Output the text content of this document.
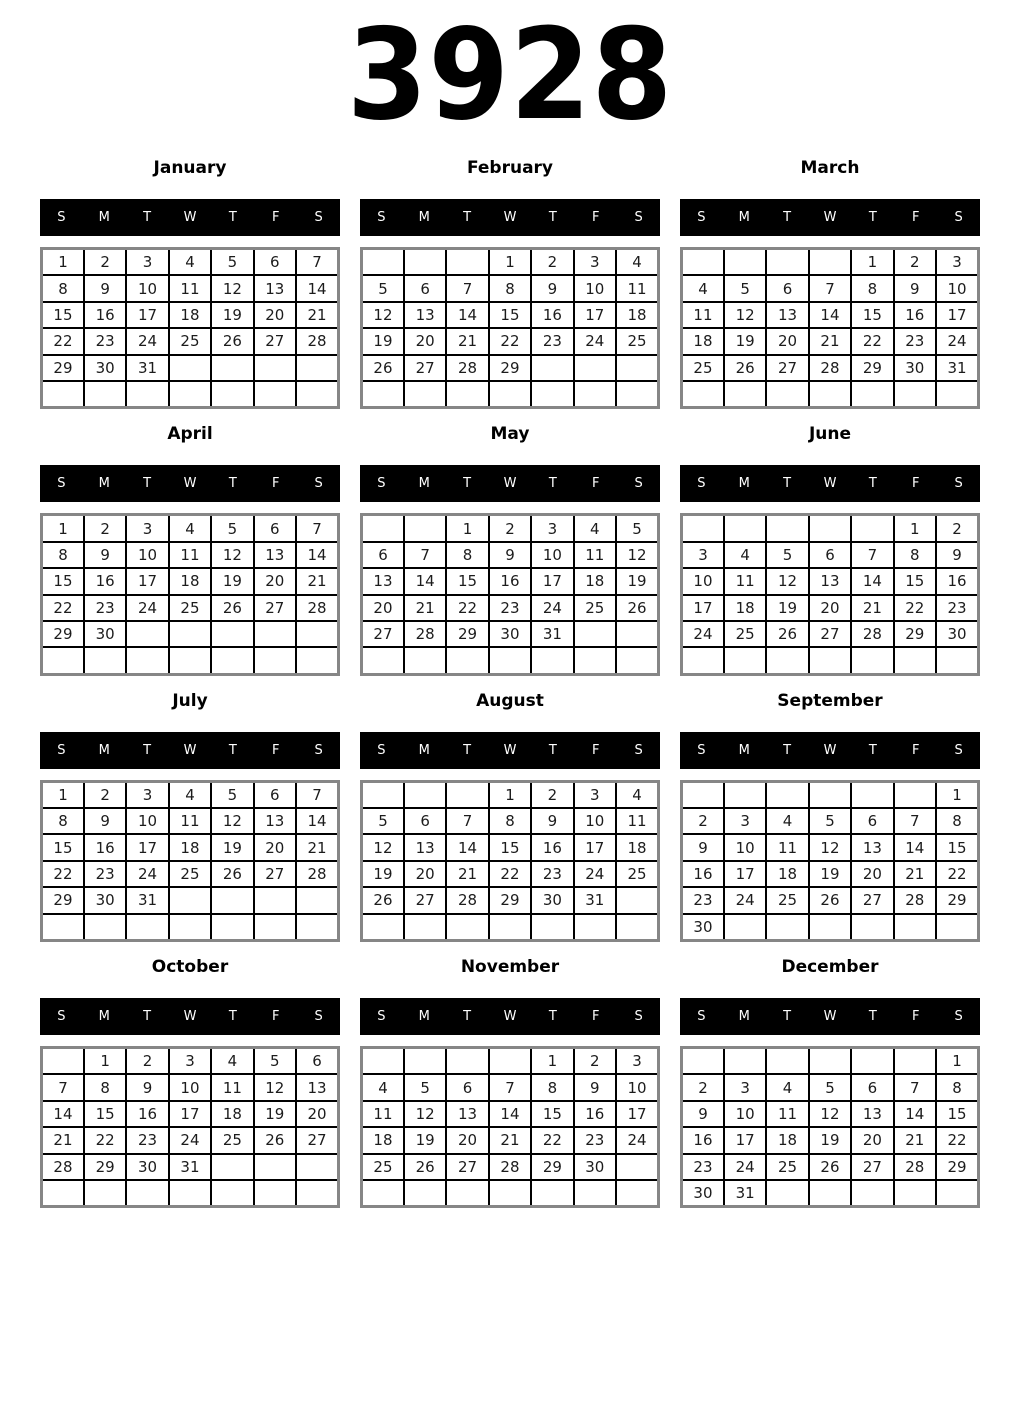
3928
January
S	M	T	W	T	F	S
1	2	3	4	5	6	7
8	9	10	11	12	13	14
15	16	17	18	19	20	21
22	23	24	25	26	27	28
29	30	31				

February
S	M	T	W	T	F	S
			1	2	3	4
5	6	7	8	9	10	11
12	13	14	15	16	17	18
19	20	21	22	23	24	25
26	27	28	29			

March
S	M	T	W	T	F	S
				1	2	3
4	5	6	7	8	9	10
11	12	13	14	15	16	17
18	19	20	21	22	23	24
25	26	27	28	29	30	31

April
S	M	T	W	T	F	S
1	2	3	4	5	6	7
8	9	10	11	12	13	14
15	16	17	18	19	20	21
22	23	24	25	26	27	28
29	30					

May
S	M	T	W	T	F	S
		1	2	3	4	5
6	7	8	9	10	11	12
13	14	15	16	17	18	19
20	21	22	23	24	25	26
27	28	29	30	31		

June
S	M	T	W	T	F	S
					1	2
3	4	5	6	7	8	9
10	11	12	13	14	15	16
17	18	19	20	21	22	23
24	25	26	27	28	29	30

July
S	M	T	W	T	F	S
1	2	3	4	5	6	7
8	9	10	11	12	13	14
15	16	17	18	19	20	21
22	23	24	25	26	27	28
29	30	31				

August
S	M	T	W	T	F	S
			1	2	3	4
5	6	7	8	9	10	11
12	13	14	15	16	17	18
19	20	21	22	23	24	25
26	27	28	29	30	31	

September
S	M	T	W	T	F	S
						1
2	3	4	5	6	7	8
9	10	11	12	13	14	15
16	17	18	19	20	21	22
23	24	25	26	27	28	29
30						
October
S	M	T	W	T	F	S
	1	2	3	4	5	6
7	8	9	10	11	12	13
14	15	16	17	18	19	20
21	22	23	24	25	26	27
28	29	30	31			

November
S	M	T	W	T	F	S
				1	2	3
4	5	6	7	8	9	10
11	12	13	14	15	16	17
18	19	20	21	22	23	24
25	26	27	28	29	30	

December
S	M	T	W	T	F	S
						1
2	3	4	5	6	7	8
9	10	11	12	13	14	15
16	17	18	19	20	21	22
23	24	25	26	27	28	29
30	31					
